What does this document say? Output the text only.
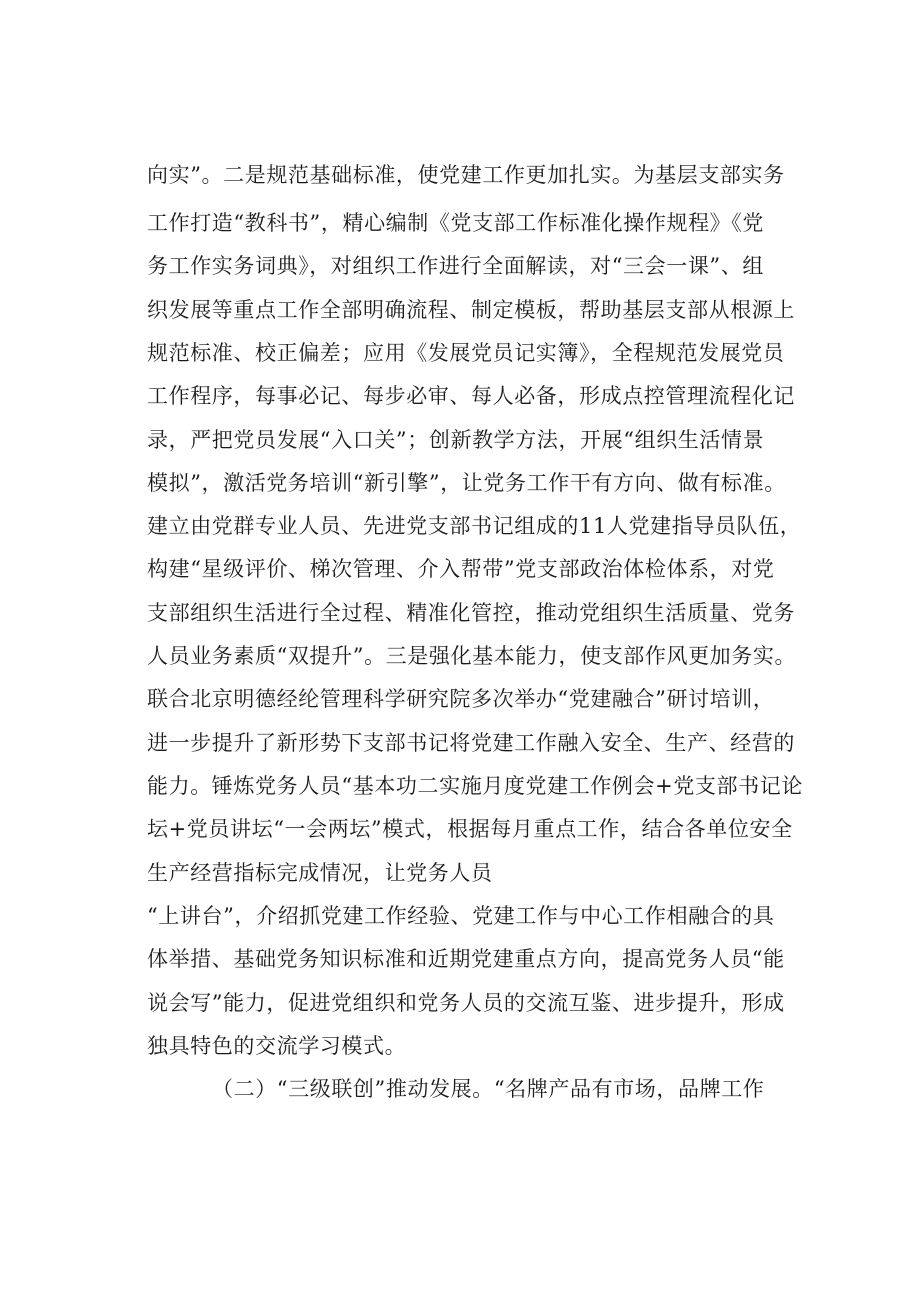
向实”。二是规范基础标准，使党建工作更加扎实。为基层支部实务
工作打造“教科书”，精心编制《党支部工作标准化操作规程》《党
务工作实务词典》，对组织工作进行全面解读，对“三会一课”、组
织发展等重点工作全部明确流程、制定模板，帮助基层支部从根源上
规范标准、校正偏差；应用《发展党员记实簿》，全程规范发展党员
工作程序，每事必记、每步必审、每人必备，形成点控管理流程化记
录，严把党员发展“入口关”；创新教学方法，开展“组织生活情景
模拟”，激活党务培训“新引擎”，让党务工作干有方向、做有标准。
建立由党群专业人员、先进党支部书记组成的11人党建指导员队伍，
构建“星级评价、梯次管理、介入帮带”党支部政治体检体系，对党
支部组织生活进行全过程、精准化管控，推动党组织生活质量、党务
人员业务素质“双提升”。三是强化基本能力，使支部作风更加务实。
联合北京明德经纶管理科学研究院多次举办“党建融合”研讨培训，
进一步提升了新形势下支部书记将党建工作融入安全、生产、经营的
能力。锤炼党务人员“基本功二实施月度党建工作例会+党支部书记论
坛+党员讲坛“一会两坛”模式，根据每月重点工作，结合各单位安全
生产经营指标完成情况，让党务人员
“上讲台”，介绍抓党建工作经验、党建工作与中心工作相融合的具
体举措、基础党务知识标准和近期党建重点方向，提高党务人员“能
说会写”能力，促进党组织和党务人员的交流互鉴、进步提升，形成
独具特色的交流学习模式。
（二）“三级联创”推动发展。“名牌产品有市场，品牌工作
